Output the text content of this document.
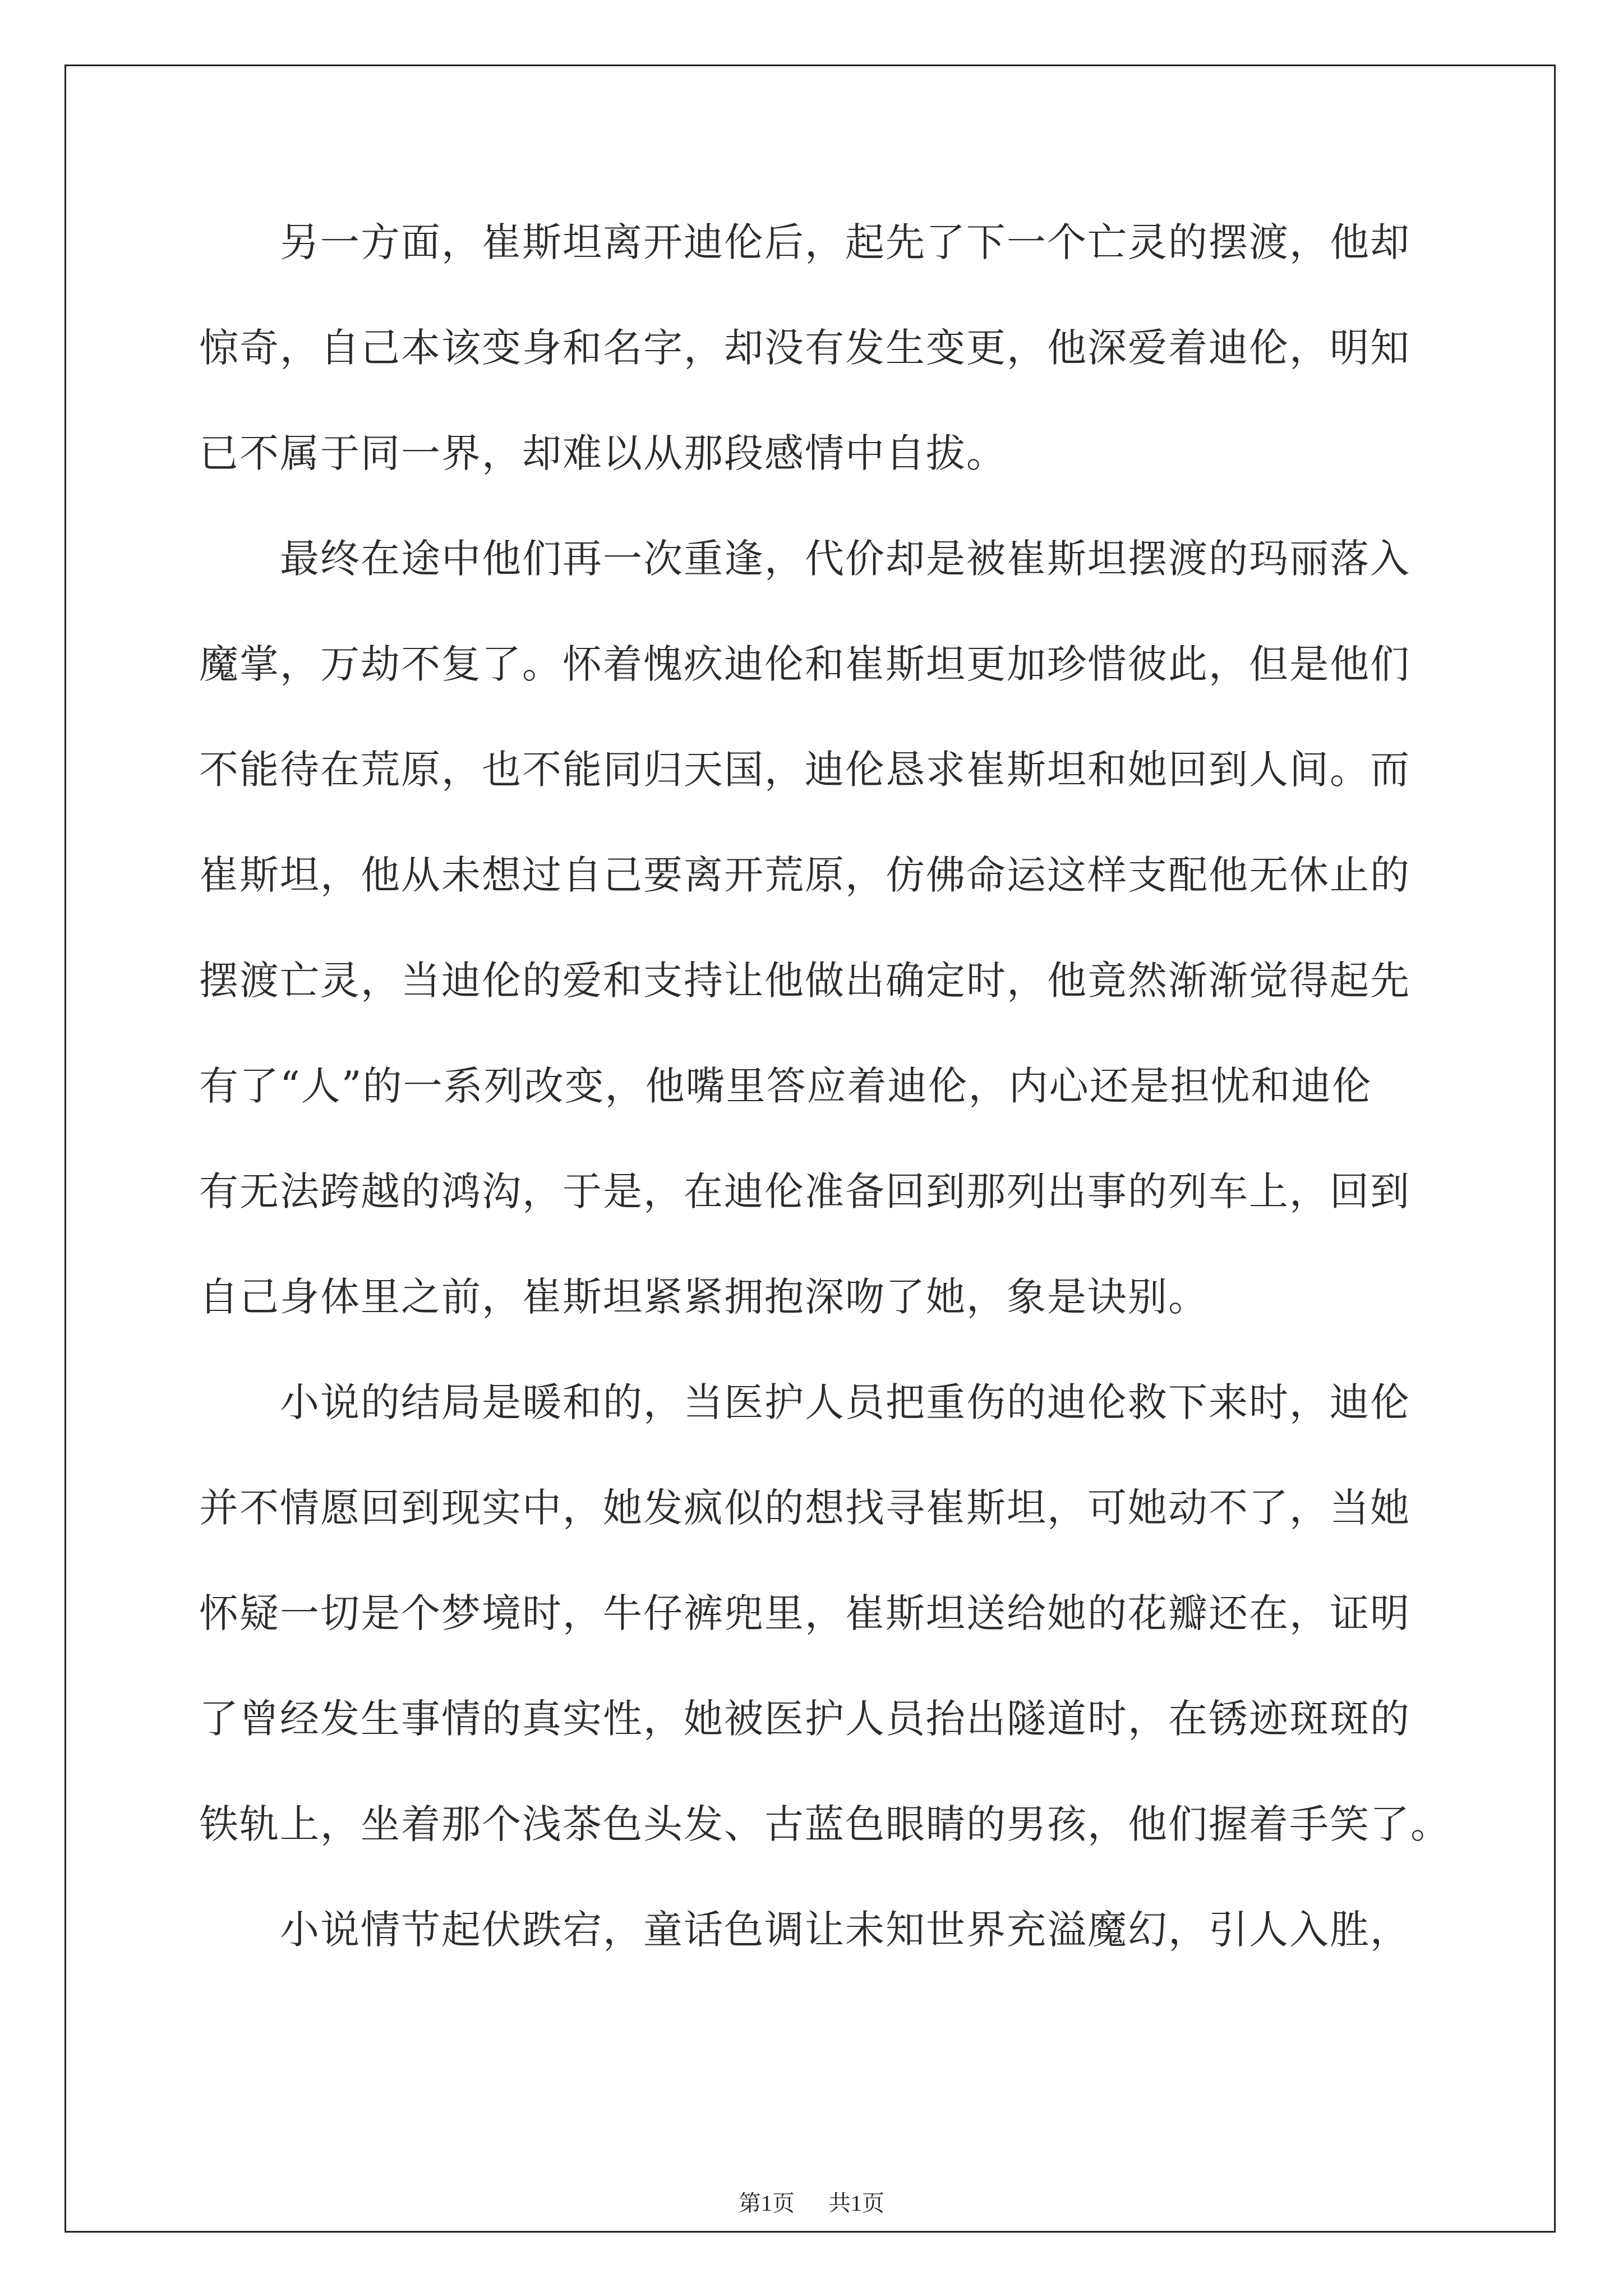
　　另一方面，崔斯坦离开迪伦后，起先了下一个亡灵的摆渡，他却

惊奇，自己本该变身和名字，却没有发生变更，他深爱着迪伦，明知

已不属于同一界，却难以从那段感情中自拔。

　　最终在途中他们再一次重逢，代价却是被崔斯坦摆渡的玛丽落入

魔掌，万劫不复了。怀着愧疚迪伦和崔斯坦更加珍惜彼此，但是他们

不能待在荒原，也不能同归天国，迪伦恳求崔斯坦和她回到人间。而

崔斯坦，他从未想过自己要离开荒原，仿佛命运这样支配他无休止的

摆渡亡灵，当迪伦的爱和支持让他做出确定时，他竟然渐渐觉得起先

有了“人”的一系列改变，他嘴里答应着迪伦，内心还是担忧和迪伦

有无法跨越的鸿沟，于是，在迪伦准备回到那列出事的列车上，回到

自己身体里之前，崔斯坦紧紧拥抱深吻了她，象是诀别。

　　小说的结局是暖和的，当医护人员把重伤的迪伦救下来时，迪伦

并不情愿回到现实中，她发疯似的想找寻崔斯坦，可她动不了，当她

怀疑一切是个梦境时，牛仔裤兜里，崔斯坦送给她的花瓣还在，证明

了曾经发生事情的真实性，她被医护人员抬出隧道时，在锈迹斑斑的

铁轨上，坐着那个浅茶色头发、古蓝色眼睛的男孩，他们握着手笑了。

　　小说情节起伏跌宕，童话色调让未知世界充溢魔幻，引人入胜，

第1页 共1页
